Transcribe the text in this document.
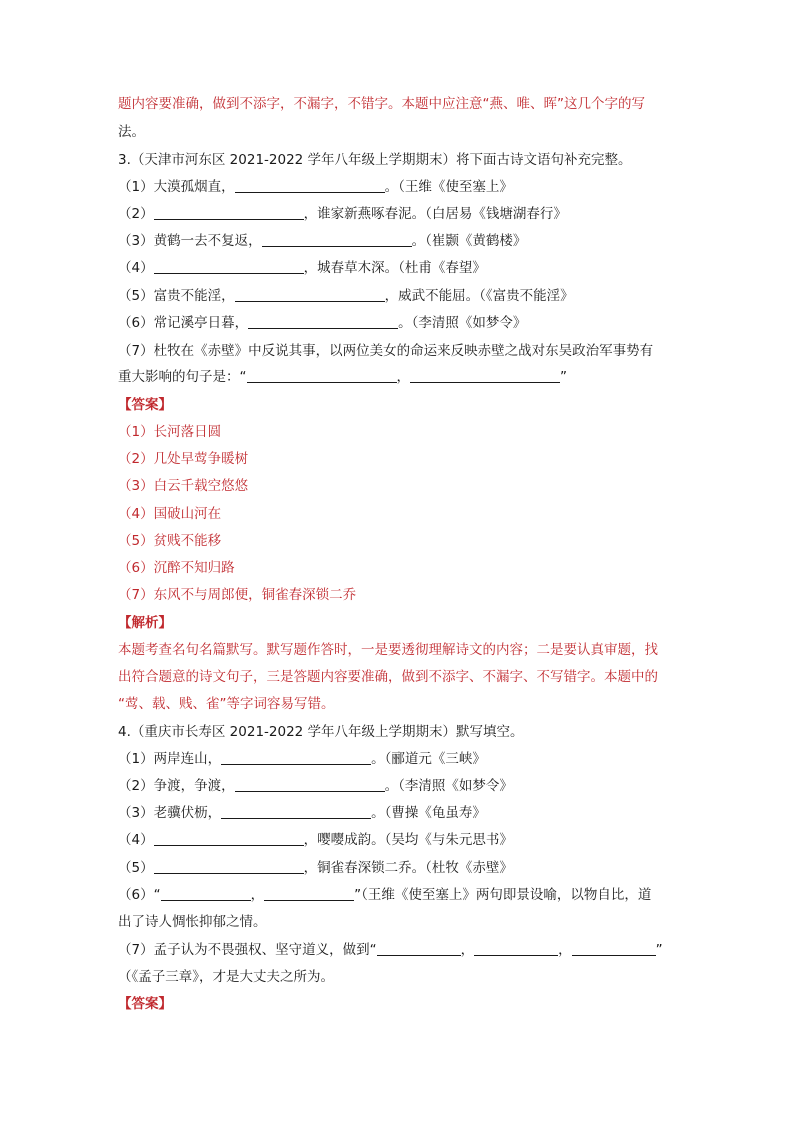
题内容要准确，做到不添字，不漏字，不错字。本题中应注意“燕、唯、晖”这几个字的写
法。
3.（天津市河东区 2021-2022 学年八年级上学期期末）将下面古诗文语句补充完整。
（1）大漠孤烟直，	。（王维《使至塞上》
（2）	，谁家新燕啄春泥。（白居易《钱塘湖春行》
（3）黄鹤一去不复返，	。（崔颢《黄鹤楼》
（4）	，城春草木深。（杜甫《春望》
（5）富贵不能淫，	，威武不能屈。（《富贵不能淫》
（6）常记溪亭日暮，	。（李清照《如梦令》
（7）杜牧在《赤壁》中反说其事，以两位美女的命运来反映赤壁之战对东吴政治军事势有
重大影响的句子是：“	，	”
【答案】
（1）长河落日圆
（2）几处早莺争暖树
（3）白云千载空悠悠
（4）国破山河在
（5）贫贱不能移
（6）沉醉不知归路
（7）东风不与周郎便，铜雀春深锁二乔
【解析】
本题考查名句名篇默写。默写题作答时，一是要透彻理解诗文的内容；二是要认真审题，找
出符合题意的诗文句子，三是答题内容要准确，做到不添字、不漏字、不写错字。本题中的
“莺、载、贱、雀”等字词容易写错。
4.（重庆市长寿区 2021-2022 学年八年级上学期期末）默写填空。
（1）两岸连山，	。（郦道元《三峡》
（2）争渡，争渡，	。（李清照《如梦令》
（3）老骥伏枥，	。（曹操《龟虽寿》
（4）	，嘤嘤成韵。（吴均《与朱元思书》
（5）	，铜雀春深锁二乔。（杜牧《赤壁》
（6）“	，	”（王维《使至塞上》两句即景设喻，以物自比，道
出了诗人惆怅抑郁之情。
（7）孟子认为不畏强权、坚守道义，做到“	，	，	”
（《孟子三章》，才是大丈夫之所为。
【答案】
